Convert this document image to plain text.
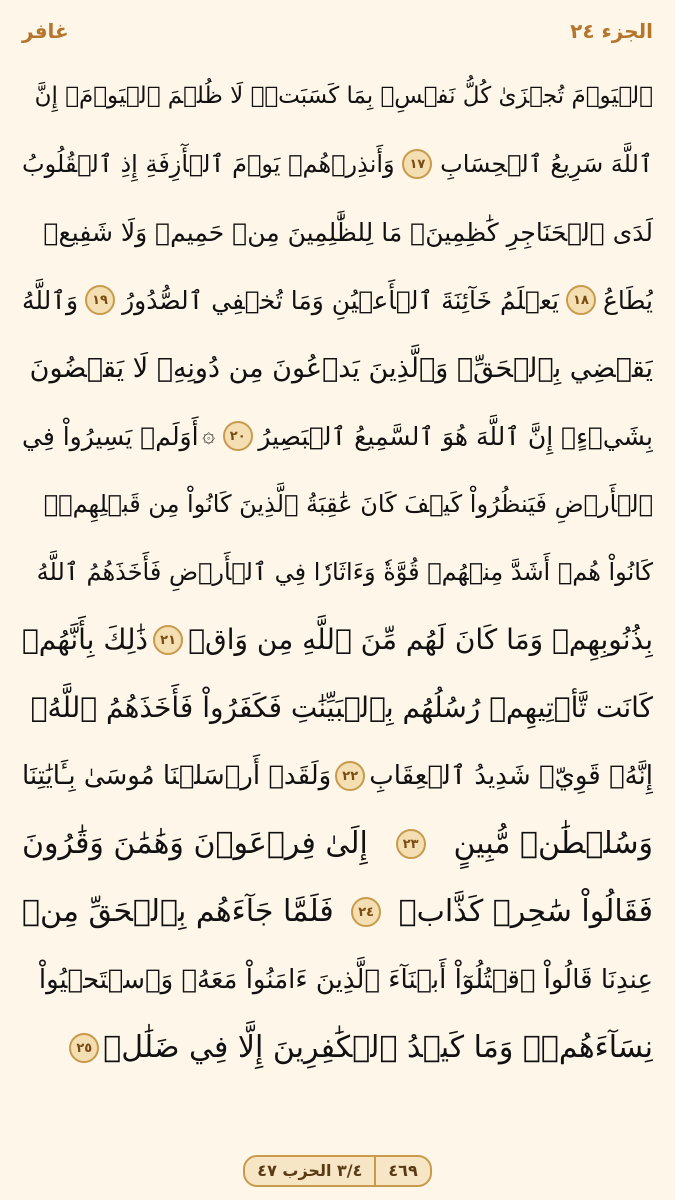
غافر	الجزء ٢٤
ٱلۡيَوۡمَ تُجۡزَىٰ كُلُّ نَفۡسِۭ بِمَا كَسَبَتۡۚ لَا ظُلۡمَ ٱلۡيَوۡمَۚ إِنَّ
ٱللَّهَ سَرِيعُ ٱلۡحِسَابِ
١٧
وَأَنذِرۡهُمۡ يَوۡمَ ٱلۡأٓزِفَةِ إِذِ ٱلۡقُلُوبُ
لَدَى ٱلۡحَنَاجِرِ كَٰظِمِينَۚ مَا لِلظَّٰلِمِينَ مِنۡ حَمِيمٖ وَلَا شَفِيعٖ
يُطَاعُ
١٨
يَعۡلَمُ خَآئِنَةَ ٱلۡأَعۡيُنِ وَمَا تُخۡفِي ٱلصُّدُورُ
١٩
وَٱللَّهُ
يَقۡضِي بِٱلۡحَقِّۖ وَٱلَّذِينَ يَدۡعُونَ مِن دُونِهِۦ لَا يَقۡضُونَ
بِشَيۡءٍۗ إِنَّ ٱللَّهَ هُوَ ٱلسَّمِيعُ ٱلۡبَصِيرُ
٢٠
۞
أَوَلَمۡ يَسِيرُواْ فِي
ٱلۡأَرۡضِ فَيَنظُرُواْ كَيۡفَ كَانَ عَٰقِبَةُ ٱلَّذِينَ كَانُواْ مِن قَبۡلِهِمۡۚ
كَانُواْ هُمۡ أَشَدَّ مِنۡهُمۡ قُوَّةٗ وَءَاثَارٗا فِي ٱلۡأَرۡضِ فَأَخَذَهُمُ ٱللَّهُ
بِذُنُوبِهِمۡ وَمَا كَانَ لَهُم مِّنَ ٱللَّهِ مِن وَاقٖ
٢١
ذَٰلِكَ بِأَنَّهُمۡ
كَانَت تَّأۡتِيهِمۡ رُسُلُهُم بِٱلۡبَيِّنَٰتِ فَكَفَرُواْ فَأَخَذَهُمُ ٱللَّهُۚ
إِنَّهُۥ قَوِيّٞ شَدِيدُ ٱلۡعِقَابِ
٢٢
وَلَقَدۡ أَرۡسَلۡنَا مُوسَىٰ بِـَٔايَٰتِنَا
وَسُلۡطَٰنٖ مُّبِينٍ
٢٣
إِلَىٰ فِرۡعَوۡنَ وَهَٰمَٰنَ وَقَٰرُونَ
فَقَالُواْ سَٰحِرٞ كَذَّابٞ
٢٤
فَلَمَّا جَآءَهُم بِٱلۡحَقِّ مِنۡ
عِندِنَا قَالُواْ ٱقۡتُلُوٓاْ أَبۡنَآءَ ٱلَّذِينَ ءَامَنُواْ مَعَهُۥ وَٱسۡتَحۡيُواْ
نِسَآءَهُمۡۚ وَمَا كَيۡدُ ٱلۡكَٰفِرِينَ إِلَّا فِي ضَلَٰلٖ
٢٥
٣/٤ الحزب ٤٧	٤٦٩
